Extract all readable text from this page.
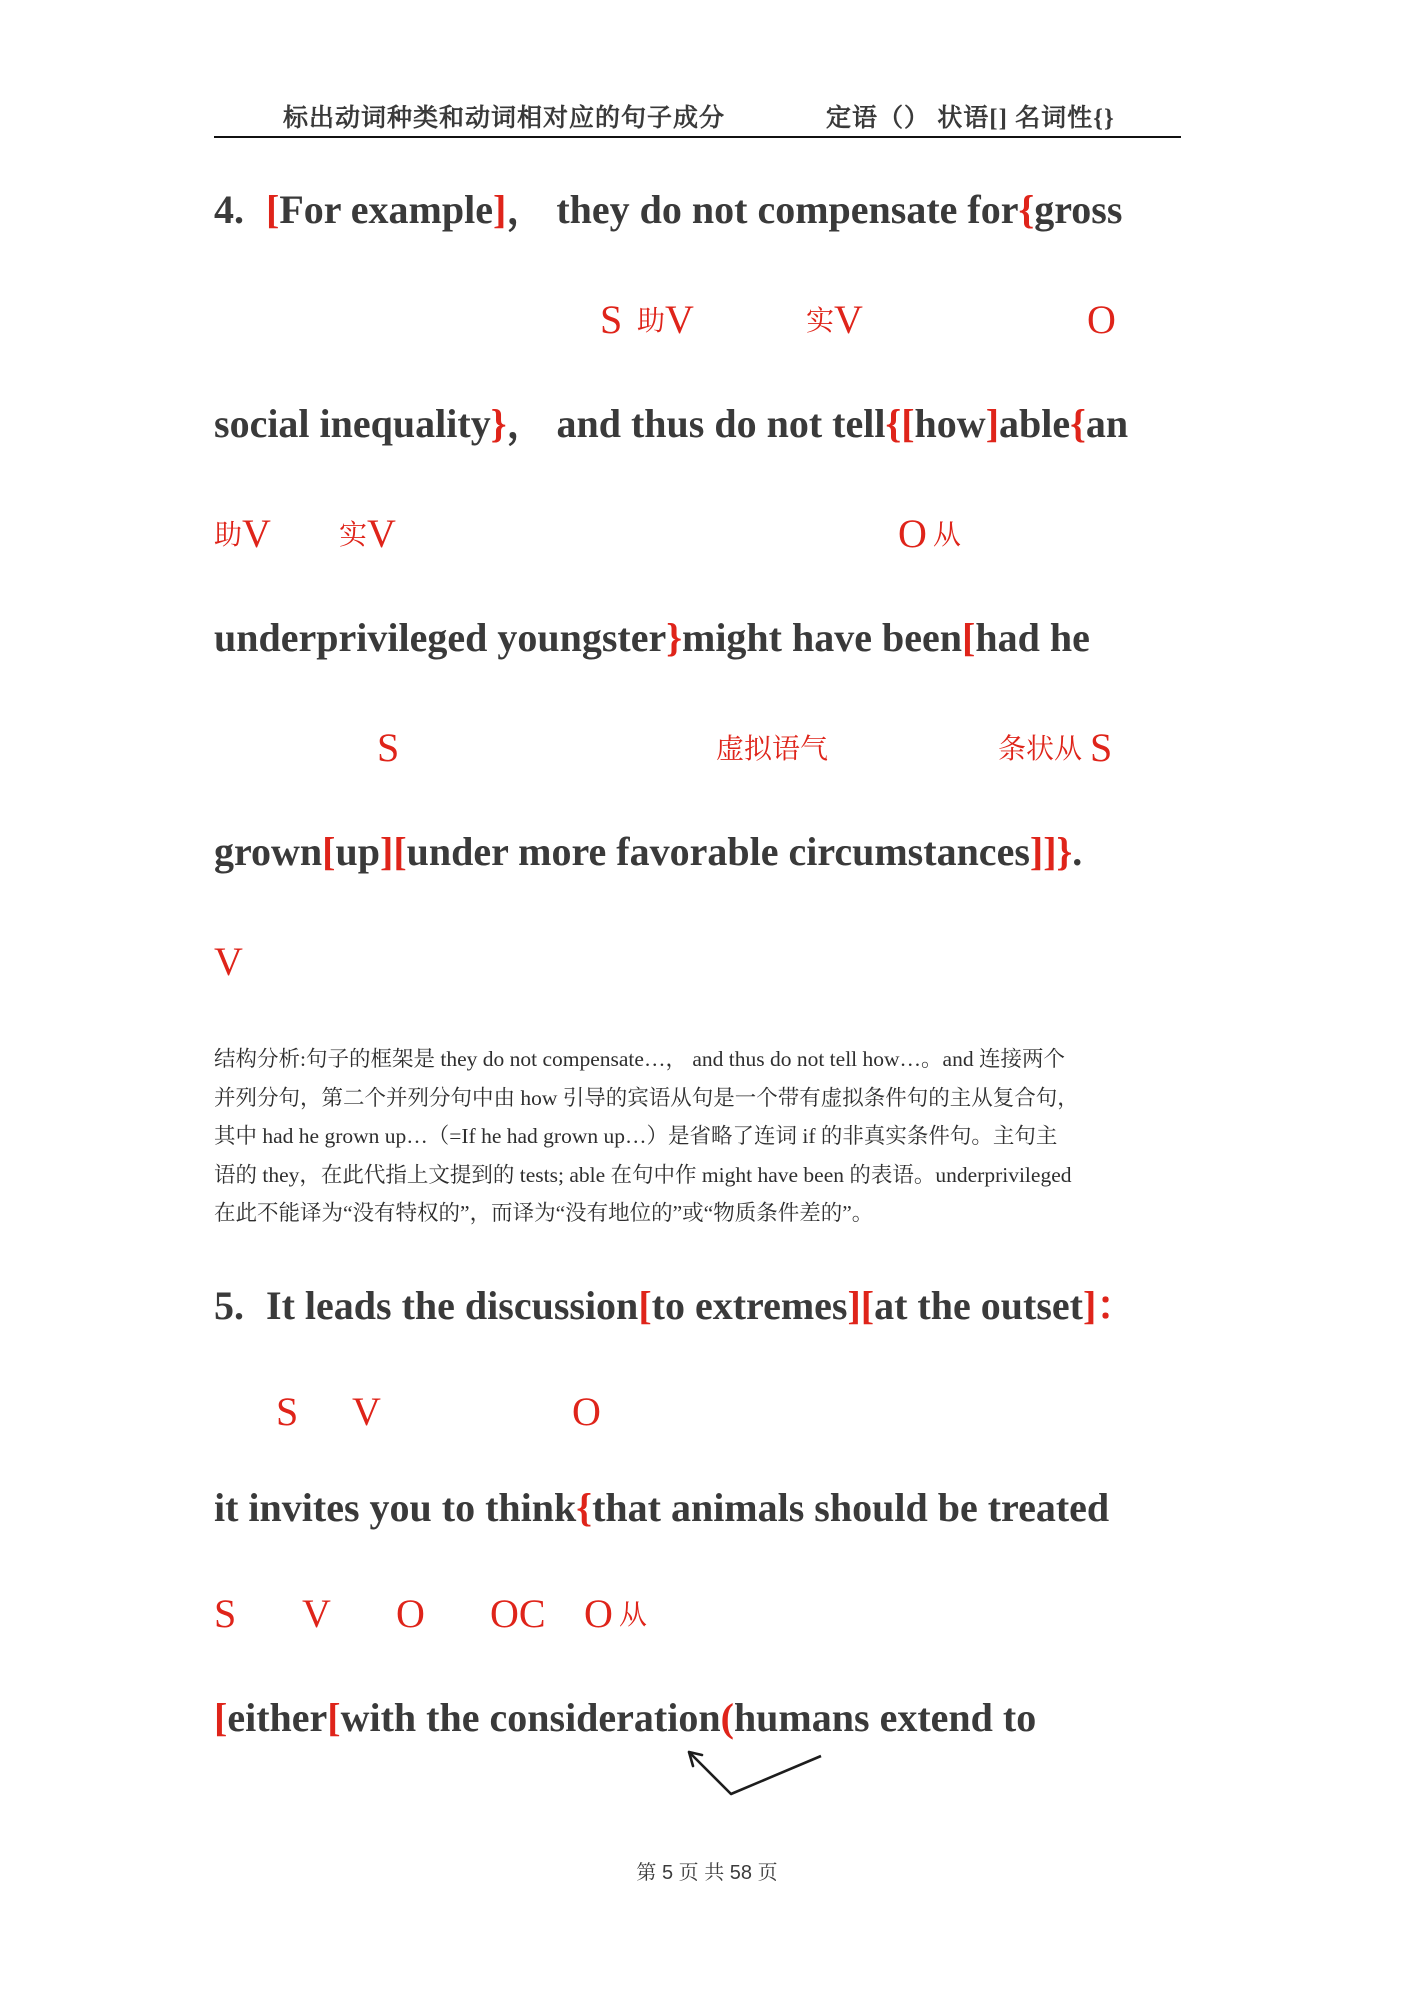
标出动词种类和动词相对应的句子成分	定语（） 状语[] 名词性{}
4. [For example]， they do not compensate for{gross
S 助V	实V	O
social inequality}， and thus do not tell{[how]able{an
助V 实V	O 从
underprivileged youngster}might have been[had he
S	虚拟语气	条状从 S
grown[up][under more favorable circumstances]]}.
V
结构分析:句子的框架是 they do not compensate…， and thus do not tell how…。and 连接两个
并列分句，第二个并列分句中由 how 引导的宾语从句是一个带有虚拟条件句的主从复合句，
其中 had he grown up…（=If he had grown up…）是省略了连词 if 的非真实条件句。主句主
语的 they，在此代指上文提到的 tests; able 在句中作 might have been 的表语。underprivileged
在此不能译为“没有特权的”，而译为“没有地位的”或“物质条件差的”。
5. It leads the discussion[to extremes][at the outset]：
S V	O
it invites you to think{that animals should be treated
S V O OC O 从
[either[with the consideration(humans extend to
第 5 页 共 58 页
